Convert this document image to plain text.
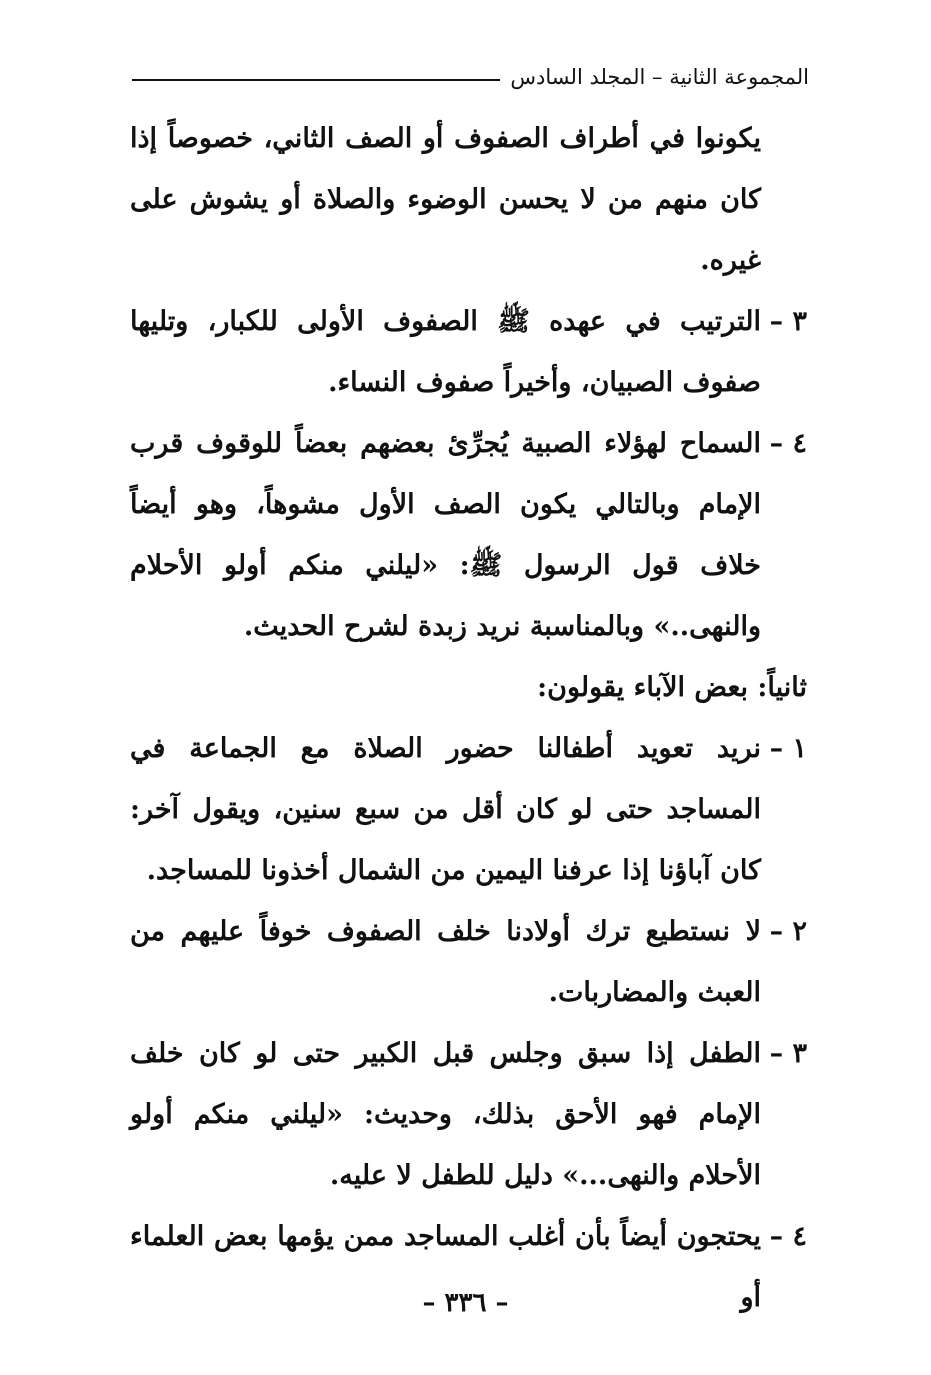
المجموعة الثانية – المجلد السادس

يكونوا في أطراف الصفوف أو الصف الثاني، خصوصاً إذا كان منهم من لا يحسن الوضوء والصلاة أو يشوش على غيره.

٣ –
الترتيب في عهده ﷺ الصفوف الأولى للكبار، وتليها صفوف الصبيان، وأخيراً صفوف النساء.
٤ –
السماح لهؤلاء الصبية يُجرِّئ بعضهم بعضاً للوقوف قرب الإمام وبالتالي يكون الصف الأول مشوهاً، وهو أيضاً خلاف قول الرسول ﷺ: «ليلني منكم أولو الأحلام والنهى..» وبالمناسبة نريد زبدة لشرح الحديث.
ثانياً: بعض الآباء يقولون:
١ –
نريد تعويد أطفالنا حضور الصلاة مع الجماعة في المساجد حتى لو كان أقل من سبع سنين، ويقول آخر: كان آباؤنا إذا عرفنا اليمين من الشمال أخذونا للمساجد.
٢ –
لا نستطيع ترك أولادنا خلف الصفوف خوفاً عليهم من العبث والمضاربات.
٣ –
الطفل إذا سبق وجلس قبل الكبير حتى لو كان خلف الإمام فهو الأحق بذلك، وحديث: «ليلني منكم أولو الأحلام والنهى...» دليل للطفل لا عليه.
٤ –
يحتجون أيضاً بأن أغلب المساجد ممن يؤمها بعض العلماء أو
– ٣٣٦ –
